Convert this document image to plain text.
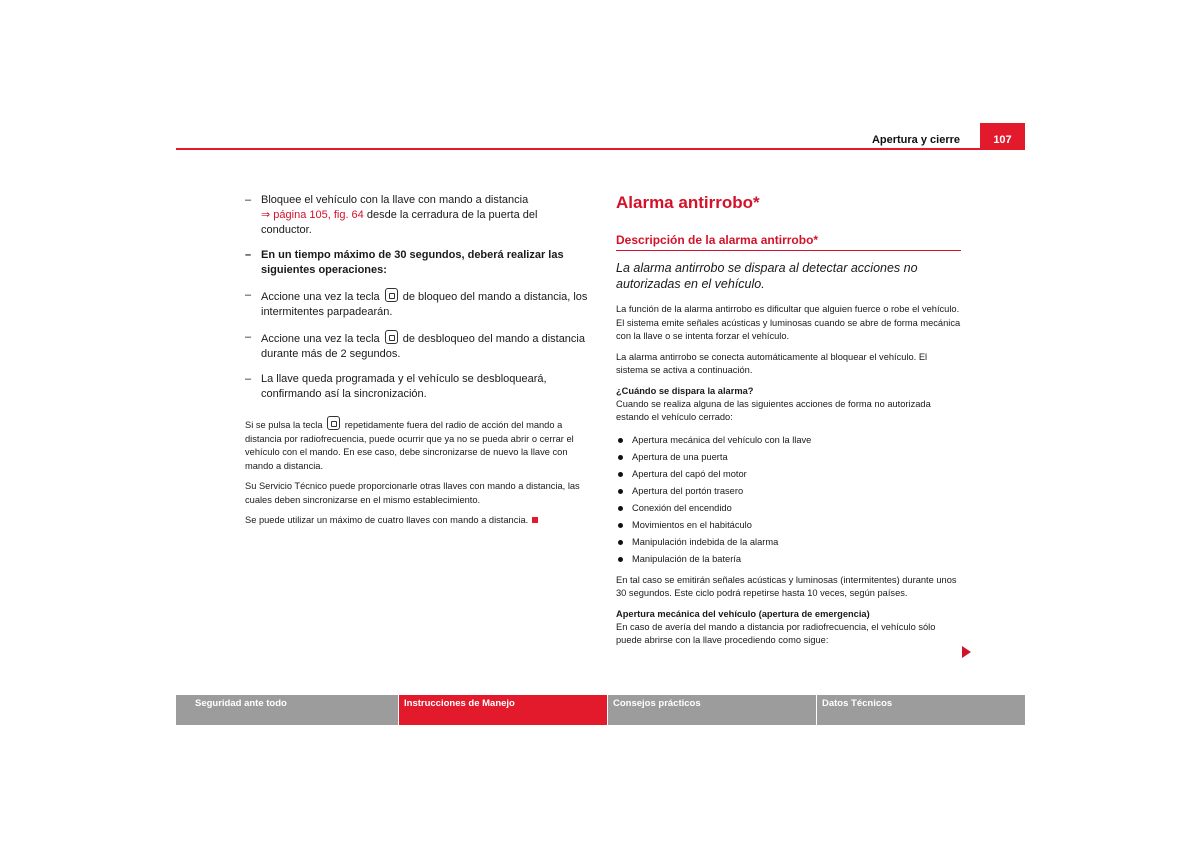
Apertura y cierre	107
– Bloquee el vehículo con la llave con mando a distancia
⇒ página 105, fig. 64 desde la cerradura de la puerta del conductor.
– En un tiempo máximo de 30 segundos, deberá realizar las siguientes operaciones:
– Accione una vez la tecla  de bloqueo del mando a distancia, los intermitentes parpadearán.
– Accione una vez la tecla  de desbloqueo del mando a distancia durante más de 2 segundos.
– La llave queda programada y el vehículo se desbloqueará, confirmando así la sincronización.

Si se pulsa la tecla  repetidamente fuera del radio de acción del mando a distancia por radiofrecuencia, puede ocurrir que ya no se pueda abrir o cerrar el vehículo con el mando. En ese caso, debe sincronizarse de nuevo la llave con mando a distancia.

Su Servicio Técnico puede proporcionarle otras llaves con mando a distancia, las cuales deben sincronizarse en el mismo establecimiento.

Se puede utilizar un máximo de cuatro llaves con mando a distancia.

Alarma antirrobo*
Descripción de la alarma antirrobo*

La alarma antirrobo se dispara al detectar acciones no autorizadas en el vehículo.

La función de la alarma antirrobo es dificultar que alguien fuerce o robe el vehículo. El sistema emite señales acústicas y luminosas cuando se abre de forma mecánica con la llave o se intenta forzar el vehículo.

La alarma antirrobo se conecta automáticamente al bloquear el vehículo. El sistema se activa a continuación.

¿Cuándo se dispara la alarma?

Cuando se realiza alguna de las siguientes acciones de forma no autorizada estando el vehículo cerrado:

Apertura mecánica del vehículo con la llave
Apertura de una puerta
Apertura del capó del motor
Apertura del portón trasero
Conexión del encendido
Movimientos en el habitáculo
Manipulación indebida de la alarma
Manipulación de la batería

En tal caso se emitirán señales acústicas y luminosas (intermitentes) durante unos 30 segundos. Este ciclo podrá repetirse hasta 10 veces, según países.

Apertura mecánica del vehículo (apertura de emergencia)

En caso de avería del mando a distancia por radiofrecuencia, el vehículo sólo puede abrirse con la llave procediendo como sigue:

Seguridad ante todo	Instrucciones de Manejo	Consejos prácticos	Datos Técnicos
